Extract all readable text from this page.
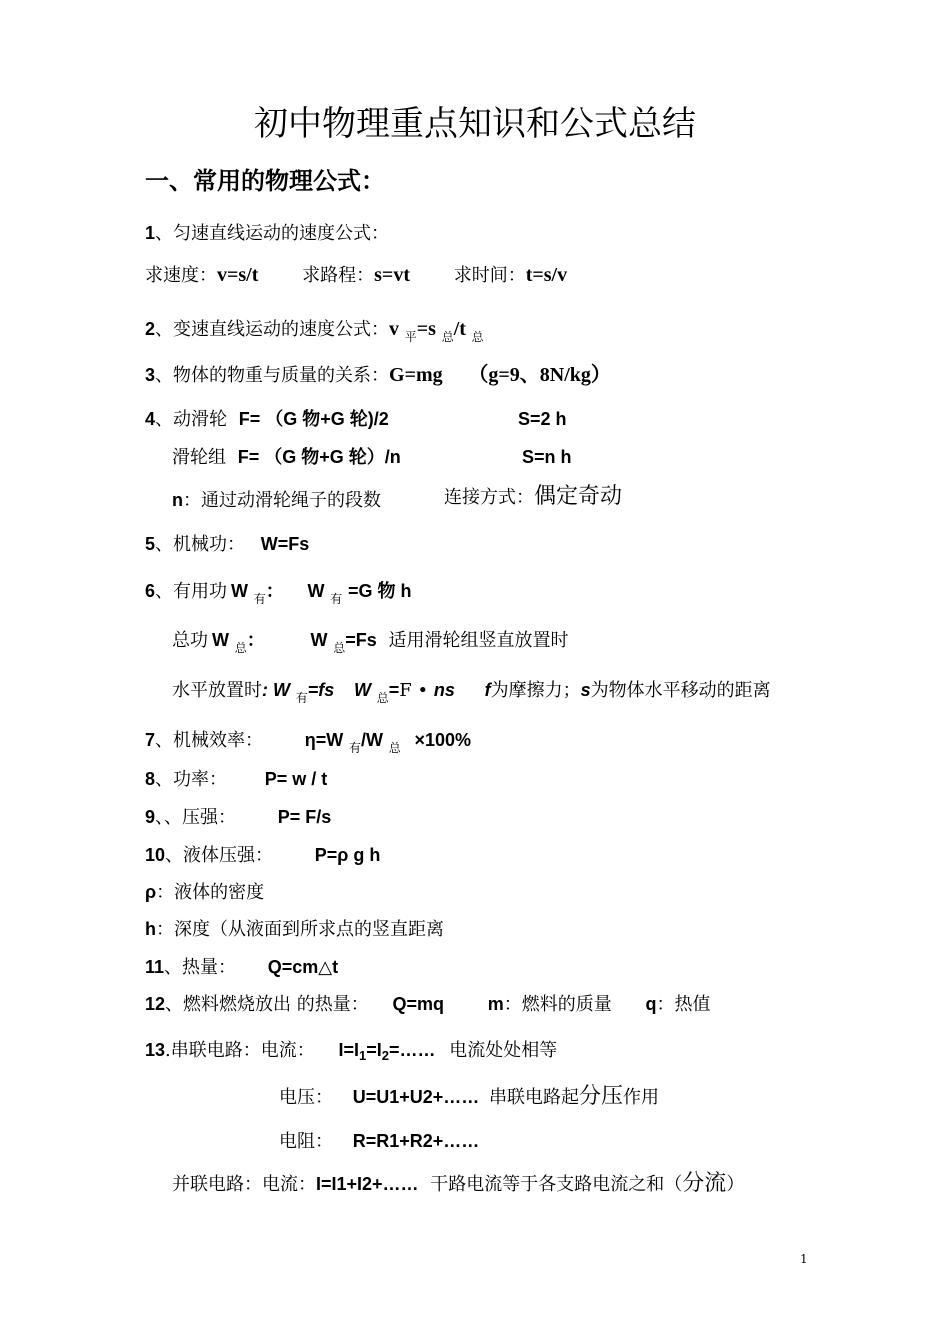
初中物理重点知识和公式总结
一、常用的物理公式：
1、匀速直线运动的速度公式：
求速度：v=s/t 求路程：s=vt 求时间：t=s/v
2、变速直线运动的速度公式：v $_平$=s $_总$/t $_总$
3、物体的物重与质量的关系：G=mg （g=9、8N/kg）
4、动滑轮 F= （G 物+G 轮)/2	S=2 h
滑轮组 F= （G 物+G 轮）/n	S=n h
n：通过动滑轮绳子的段数	连接方式：偶定奇动
5、机械功： W=Fs
6、有用功 W $_有$： W $_有$ =G 物 h
总功 W $_总$：	W $_总$=Fs 适用滑轮组竖直放置时
水平放置时: W $_有$=fs W $_总$=F • ns f为摩擦力；s为物体水平移动的距离
7、机械效率： η=W $_有$/W $_总$ ×100%
8、功率： P= w / t
9、、压强： P= F/s
10、液体压强： P=ρ g h
ρ：液体的密度
h：深度（从液面到所求点的竖直距离
11、热量： Q=cm△t
12、燃料燃烧放出 的热量： Q=mq m：燃料的质量 q：热值
13.串联电路：电流： $I=I_1=I_2=\dots\dots$ 电流处处相等
电压： U=U1+U2+…… 串联电路起分压作用
电阻： R=R1+R2+……
并联电路：电流：I=I1+I2+…… 干路电流等于各支路电流之和（分流）
1
